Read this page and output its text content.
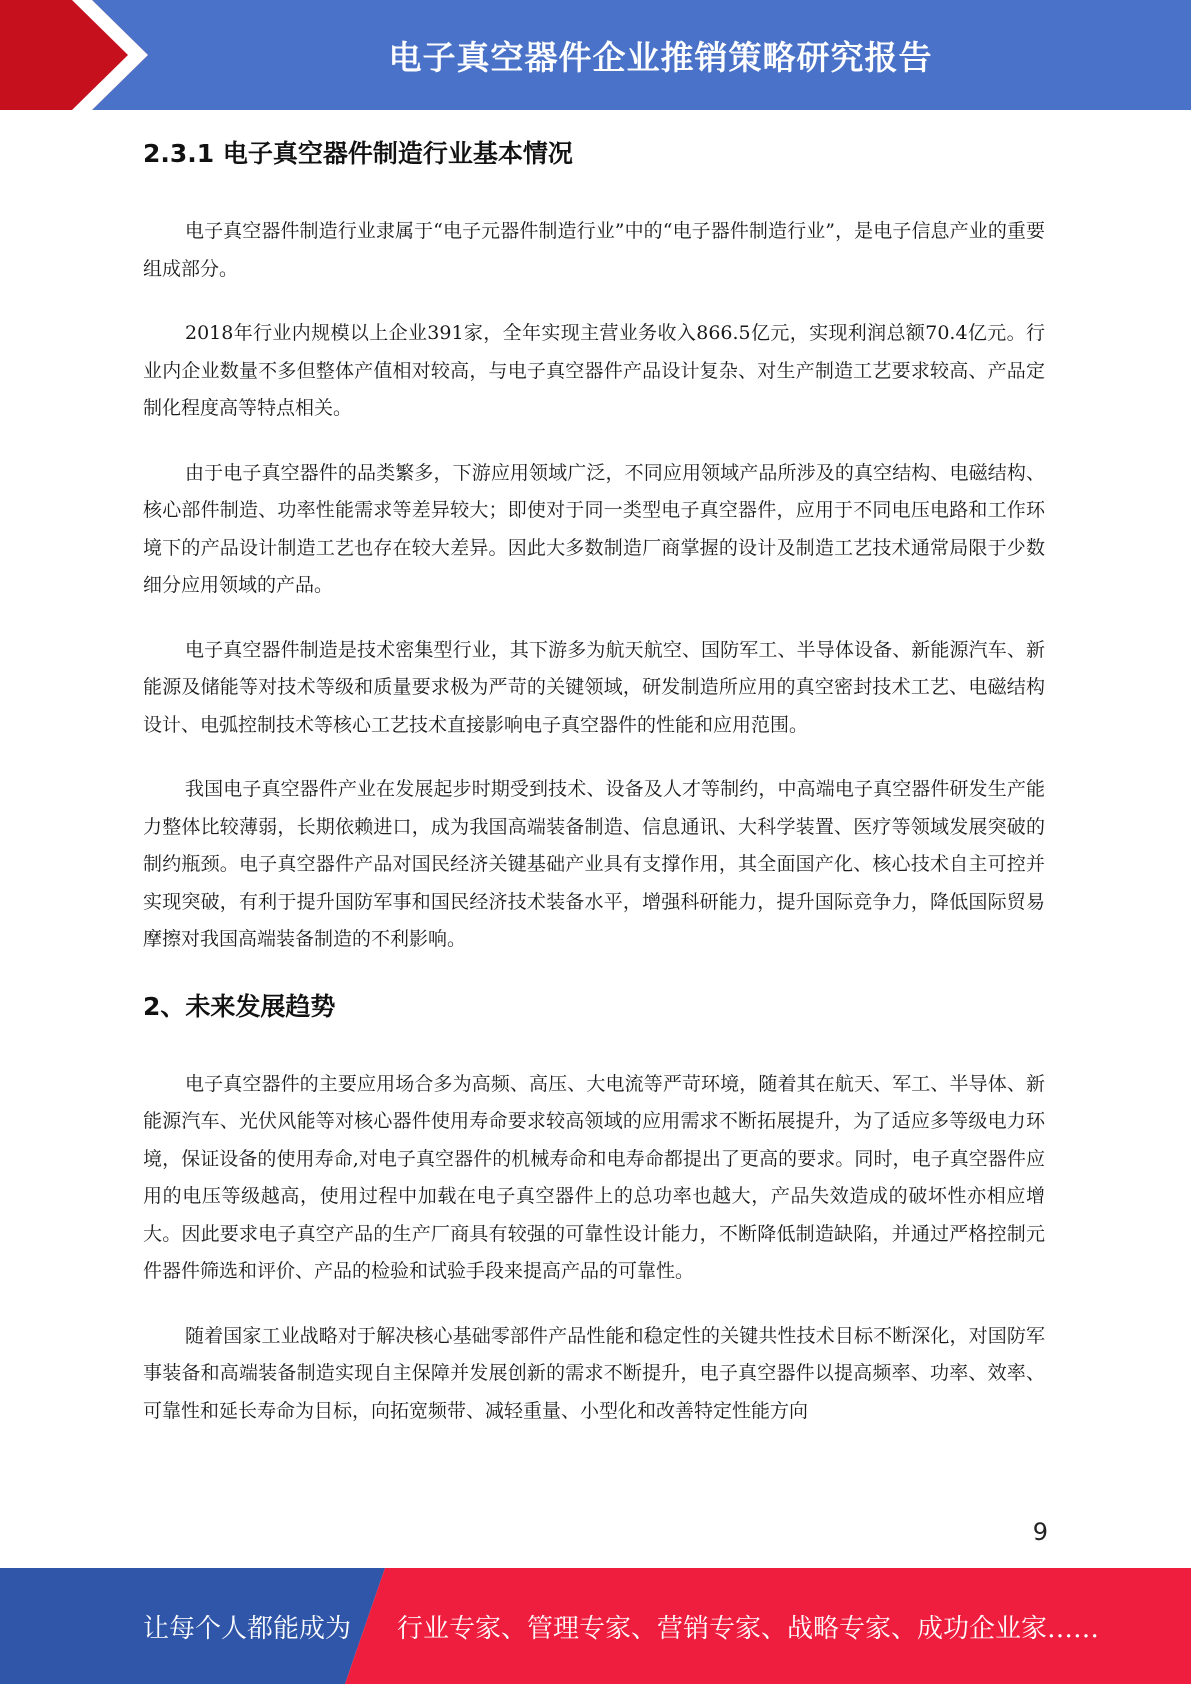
电子真空器件企业推销策略研究报告
2.3.1 电子真空器件制造行业基本情况

电子真空器件制造行业隶属于“电子元器件制造行业”中的“电子器件制造行业”，是电子信息产业的重要组成部分。

2018年行业内规模以上企业391家，全年实现主营业务收入866.5亿元，实现利润总额70.4亿元。行业内企业数量不多但整体产值相对较高，与电子真空器件产品设计复杂、对生产制造工艺要求较高、产品定制化程度高等特点相关。

由于电子真空器件的品类繁多，下游应用领域广泛，不同应用领域产品所涉及的真空结构、电磁结构、核心部件制造、功率性能需求等差异较大；即使对于同一类型电子真空器件，应用于不同电压电路和工作环境下的产品设计制造工艺也存在较大差异。因此大多数制造厂商掌握的设计及制造工艺技术通常局限于少数细分应用领域的产品。

电子真空器件制造是技术密集型行业，其下游多为航天航空、国防军工、半导体设备、新能源汽车、新能源及储能等对技术等级和质量要求极为严苛的关键领域，研发制造所应用的真空密封技术工艺、电磁结构设计、电弧控制技术等核心工艺技术直接影响电子真空器件的性能和应用范围。

我国电子真空器件产业在发展起步时期受到技术、设备及人才等制约，中高端电子真空器件研发生产能力整体比较薄弱，长期依赖进口，成为我国高端装备制造、信息通讯、大科学装置、医疗等领域发展突破的制约瓶颈。电子真空器件产品对国民经济关键基础产业具有支撑作用，其全面国产化、核心技术自主可控并实现突破，有利于提升国防军事和国民经济技术装备水平，增强科研能力，提升国际竞争力，降低国际贸易摩擦对我国高端装备制造的不利影响。

2、未来发展趋势

电子真空器件的主要应用场合多为高频、高压、大电流等严苛环境，随着其在航天、军工、半导体、新能源汽车、光伏风能等对核心器件使用寿命要求较高领域的应用需求不断拓展提升，为了适应多等级电力环境，保证设备的使用寿命,对电子真空器件的机械寿命和电寿命都提出了更高的要求。同时，电子真空器件应用的电压等级越高，使用过程中加载在电子真空器件上的总功率也越大，产品失效造成的破坏性亦相应增大。因此要求电子真空产品的生产厂商具有较强的可靠性设计能力，不断降低制造缺陷，并通过严格控制元件器件筛选和评价、产品的检验和试验手段来提高产品的可靠性。

随着国家工业战略对于解决核心基础零部件产品性能和稳定性的关键共性技术目标不断深化，对国防军事装备和高端装备制造实现自主保障并发展创新的需求不断提升，电子真空器件以提高频率、功率、效率、可靠性和延长寿命为目标，向拓宽频带、减轻重量、小型化和改善特定性能方向

9
让每个人都能成为 行业专家、管理专家、营销专家、战略专家、成功企业家……
